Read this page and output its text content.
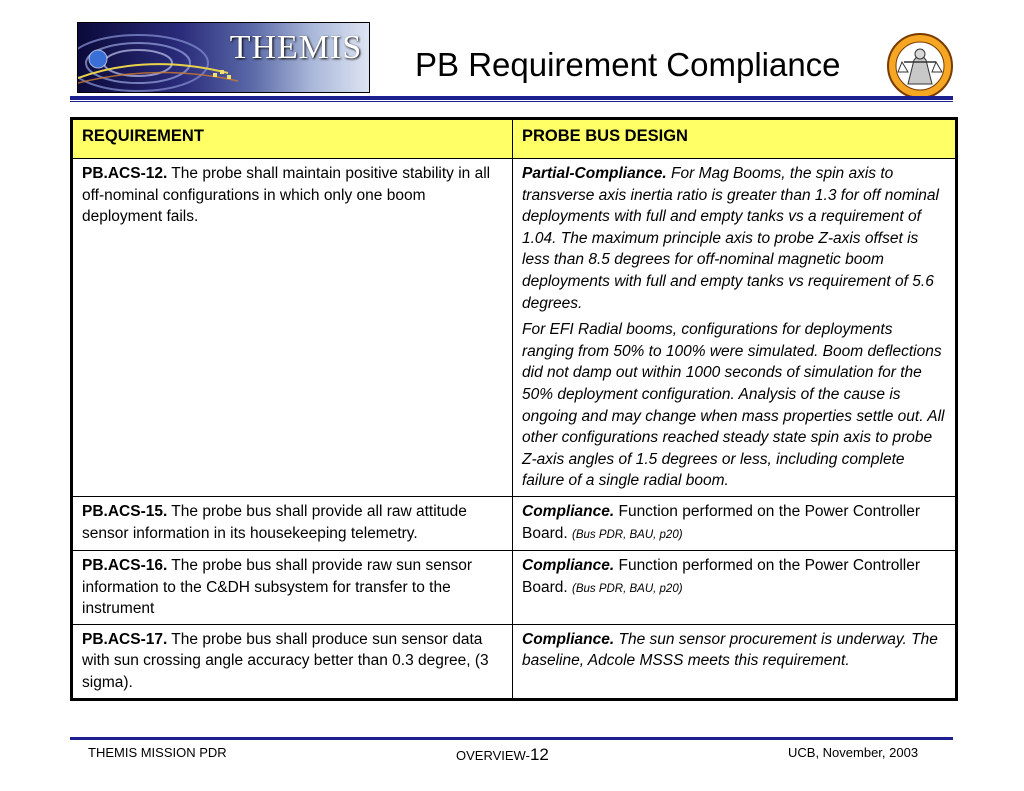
THEMIS PB Requirement Compliance
REQUIREMENT	PROBE BUS DESIGN
PB.ACS-12. The probe shall maintain positive stability in all off-nominal configurations in which only one boom deployment fails.	Partial-Compliance. For Mag Booms, the spin axis to transverse axis inertia ratio is greater than 1.3 for off nominal deployments with full and empty tanks vs a requirement of 1.04. The maximum principle axis to probe Z-axis offset is less than 8.5 degrees for off-nominal magnetic boom deployments with full and empty tanks vs requirement of 5.6 degrees.

For EFI Radial booms, configurations for deployments ranging from 50% to 100% were simulated. Boom deflections did not damp out within 1000 seconds of simulation for the 50% deployment configuration. Analysis of the cause is ongoing and may change when mass properties settle out. All other configurations reached steady state spin axis to probe Z-axis angles of 1.5 degrees or less, including complete failure of a single radial boom.

PB.ACS-15. The probe bus shall provide all raw attitude sensor information in its housekeeping telemetry.	Compliance. Function performed on the Power Controller Board. (Bus PDR, BAU, p20)
PB.ACS-16. The probe bus shall provide raw sun sensor information to the C&DH subsystem for transfer to the instrument	Compliance. Function performed on the Power Controller Board. (Bus PDR, BAU, p20)
PB.ACS-17. The probe bus shall produce sun sensor data with sun crossing angle accuracy better than 0.3 degree, (3 sigma).	Compliance. The sun sensor procurement is underway. The baseline, Adcole MSSS meets this requirement.
THEMIS MISSION PDR	OVERVIEW-12	UCB, November, 2003
